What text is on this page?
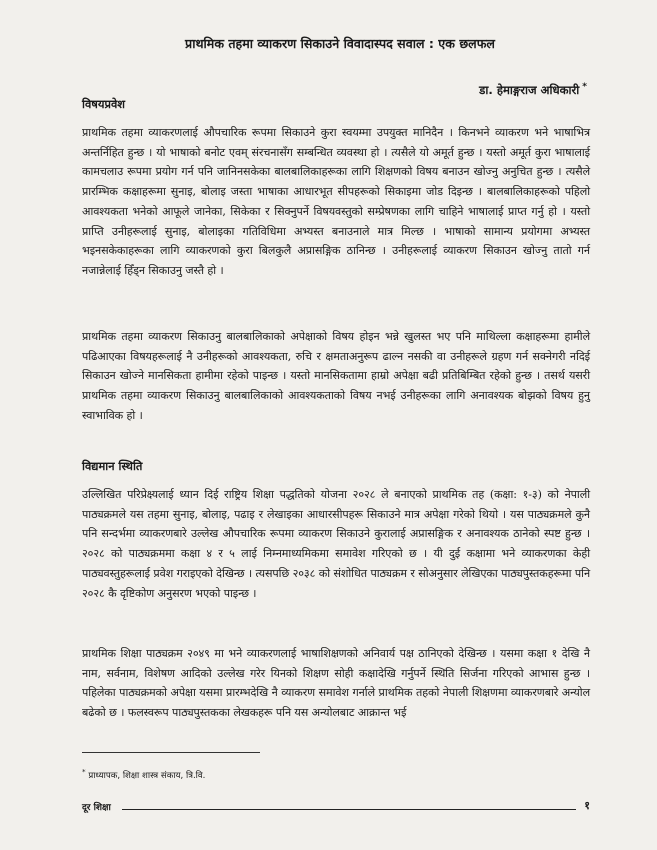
प्राथमिक तहमा व्याकरण सिकाउने विवादास्पद सवाल : एक छलफल
डा. हेमाङ्गराज अधिकारी *
विषयप्रवेश
प्राथमिक तहमा व्याकरणलाई औपचारिक रूपमा सिकाउने कुरा स्वयम्मा उपयुक्त मानिदैन । किनभने व्याकरण भने भाषाभित्र अन्तर्निहित हुन्छ । यो भाषाको बनोट एवम् संरचनासँग सम्बन्धित व्यवस्था हो । त्यसैले यो अमूर्त हुन्छ । यस्तो अमूर्त कुरा भाषालाई कामचलाउ रूपमा प्रयोग गर्न पनि जानिनसकेका बालबालिकाहरूका लागि शिक्षणको विषय बनाउन खोज्नु अनुचित हुन्छ । त्यसैले प्रारम्भिक कक्षाहरूमा सुनाइ, बोलाइ जस्ता भाषाका आधारभूत सीपहरूको सिकाइमा जोड दिइन्छ । बालबालिकाहरूको पहिलो आवश्यकता भनेको आफूले जानेका, सिकेका र सिक्नुपर्ने विषयवस्तुको सम्प्रेषणका लागि चाहिने भाषालाई प्राप्त गर्नु हो । यस्तो प्राप्ति उनीहरूलाई सुनाइ, बोलाइका गतिविधिमा अभ्यस्त बनाउनाले मात्र मिल्छ । भाषाको सामान्य प्रयोगमा अभ्यस्त भइनसकेकाहरूका लागि व्याकरणको कुरा बिलकुलै अप्रासङ्गिक ठानिन्छ । उनीहरूलाई व्याकरण सिकाउन खोज्नु तातो गर्न नजान्नेलाई हिँड्न सिकाउनु जस्तै हो ।
प्राथमिक तहमा व्याकरण सिकाउनु बालबालिकाको अपेक्षाको विषय होइन भन्ने खुलस्त भए पनि माथिल्ला कक्षाहरूमा हामीले पढिआएका विषयहरूलाई नै उनीहरूको आवश्यकता, रुचि र क्षमताअनुरूप ढाल्न नसकी वा उनीहरूले ग्रहण गर्न सक्नेगरी नदिई सिकाउन खोज्ने मानसिकता हामीमा रहेको पाइन्छ । यस्तो मानसिकतामा हाम्रो अपेक्षा बढी प्रतिबिम्बित रहेको हुन्छ । तसर्थ यसरी प्राथमिक तहमा व्याकरण सिकाउनु बालबालिकाको आवश्यकताको विषय नभई उनीहरूका लागि अनावश्यक बोझको विषय हुनु स्वाभाविक हो ।
विद्यमान स्थिति
उल्लिखित परिप्रेक्ष्यलाई ध्यान दिई राष्ट्रिय शिक्षा पद्धतिको योजना २०२८ ले बनाएको प्राथमिक तह (कक्षा: १-३) को नेपाली पाठ्यक्रमले यस तहमा सुनाइ, बोलाइ, पढाइ र लेखाइका आधारसीपहरू सिकाउने मात्र अपेक्षा गरेको थियो । यस पाठ्यक्रमले कुनै पनि सन्दर्भमा व्याकरणबारे उल्लेख औपचारिक रूपमा व्याकरण सिकाउने कुरालाई अप्रासङ्गिक र अनावश्यक ठानेको स्पष्ट हुन्छ । २०२८ को पाठ्यक्रममा कक्षा ४ र ५ लाई निम्नमाध्यमिकमा समावेश गरिएको छ । यी दुई कक्षामा भने व्याकरणका केही पाठ्यवस्तुहरूलाई प्रवेश गराइएको देखिन्छ । त्यसपछि २०३८ को संशोधित पाठ्यक्रम र सोअनुसार लेखिएका पाठ्यपुस्तकहरूमा पनि २०२८ कै दृष्टिकोण अनुसरण भएको पाइन्छ ।
प्राथमिक शिक्षा पाठ्यक्रम २०४९ मा भने व्याकरणलाई भाषाशिक्षणको अनिवार्य पक्ष ठानिएको देखिन्छ । यसमा कक्षा १ देखि नै नाम, सर्वनाम, विशेषण आदिको उल्लेख गरेर यिनको शिक्षण सोही कक्षादेखि गर्नुपर्ने स्थिति सिर्जना गरिएको आभास हुन्छ । पहिलेका पाठ्यक्रमको अपेक्षा यसमा प्रारम्भदेखि नै व्याकरण समावेश गर्नाले प्राथमिक तहको नेपाली शिक्षणमा व्याकरणबारे अन्योल बढेको छ । फलस्वरूप पाठ्यपुस्तकका लेखकहरू पनि यस अन्योलबाट आक्रान्त भई
* प्राध्यापक, शिक्षा शास्त्र संकाय, त्रि.वि.
दूर शिक्षा	१
